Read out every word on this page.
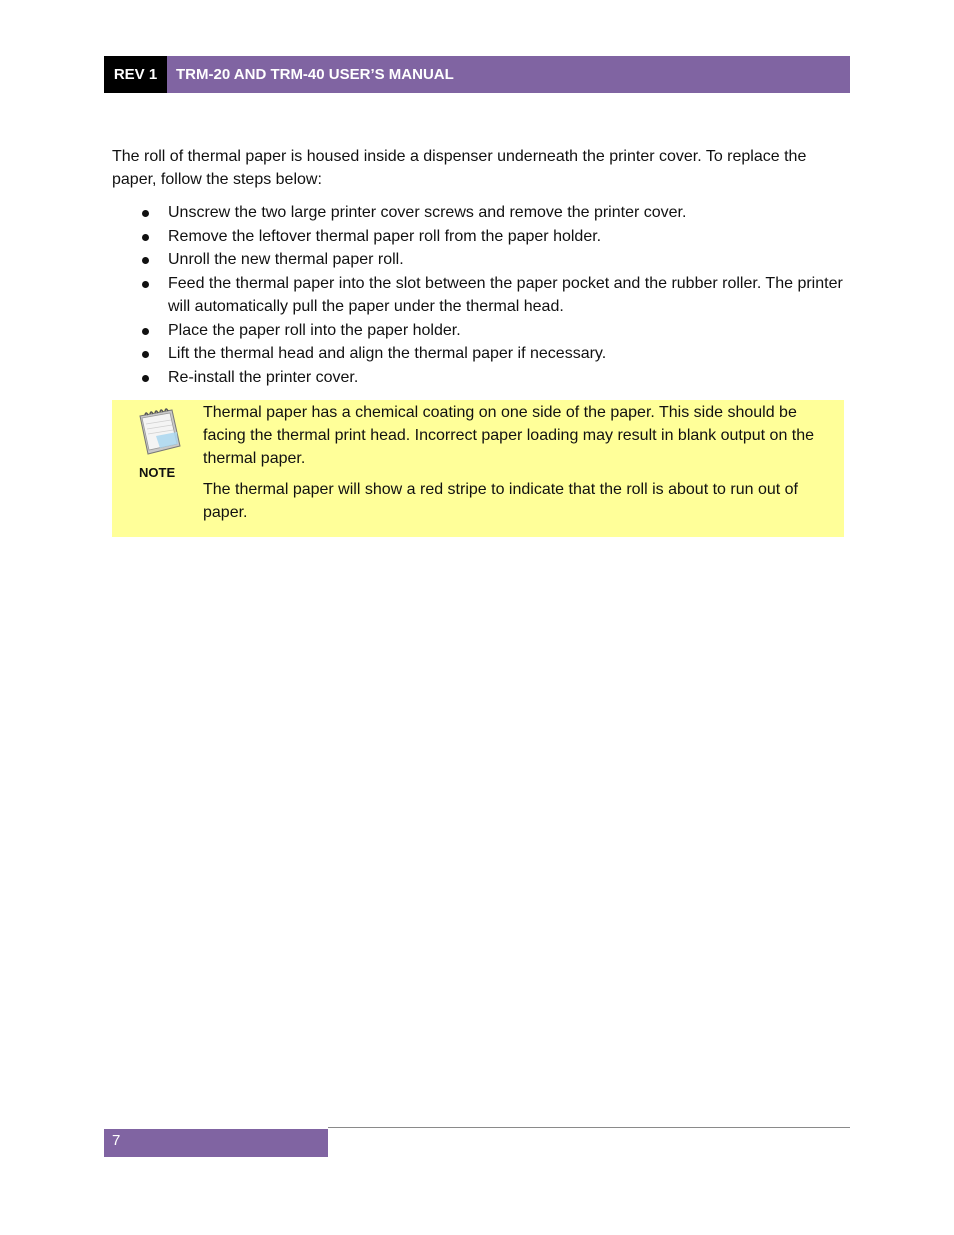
REV 1	TRM-20 AND TRM-40 USER’S MANUAL

The roll of thermal paper is housed inside a dispenser underneath the printer cover. To replace the paper, follow the steps below:

Unscrew the two large printer cover screws and remove the printer cover.
Remove the leftover thermal paper roll from the paper holder.
Unroll the new thermal paper roll.
Feed the thermal paper into the slot between the paper pocket and the rubber roller. The printer will automatically pull the paper under the thermal head.
Place the paper roll into the paper holder.
Lift the thermal head and align the thermal paper if necessary.
Re-install the printer cover.
NOTE

Thermal paper has a chemical coating on one side of the paper. This side should be facing the thermal print head. Incorrect paper loading may result in blank output on the thermal paper.

The thermal paper will show a red stripe to indicate that the roll is about to run out of paper.

7
